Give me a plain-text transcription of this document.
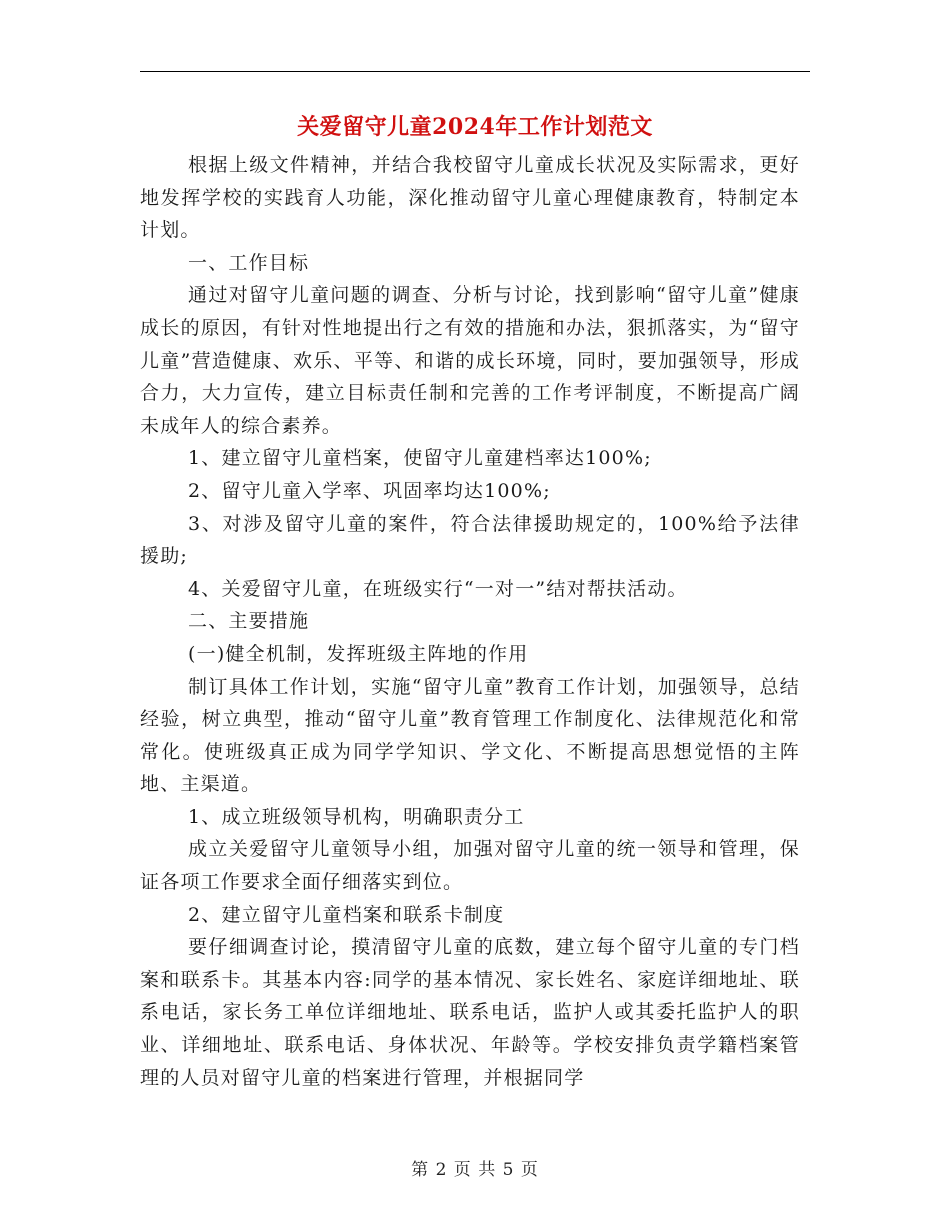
关爱留守儿童2024年工作计划范文

根据上级文件精神，并结合我校留守儿童成长状况及实际需求，更好地发挥学校的实践育人功能，深化推动留守儿童心理健康教育，特制定本计划。

一、工作目标

通过对留守儿童问题的调查、分析与讨论，找到影响“留守儿童”健康成长的原因，有针对性地提出行之有效的措施和办法，狠抓落实，为“留守儿童”营造健康、欢乐、平等、和谐的成长环境，同时，要加强领导，形成合力，大力宣传，建立目标责任制和完善的工作考评制度，不断提高广阔未成年人的综合素养。

1、建立留守儿童档案，使留守儿童建档率达100%;

2、留守儿童入学率、巩固率均达100%;

3、对涉及留守儿童的案件，符合法律援助规定的，100%给予法律援助;

4、关爱留守儿童，在班级实行“一对一”结对帮扶活动。

二、主要措施

(一)健全机制，发挥班级主阵地的作用

制订具体工作计划，实施“留守儿童”教育工作计划，加强领导，总结经验，树立典型，推动“留守儿童”教育管理工作制度化、法律规范化和常常化。使班级真正成为同学学知识、学文化、不断提高思想觉悟的主阵地、主渠道。

1、成立班级领导机构，明确职责分工

成立关爱留守儿童领导小组，加强对留守儿童的统一领导和管理，保证各项工作要求全面仔细落实到位。

2、建立留守儿童档案和联系卡制度

要仔细调查讨论，摸清留守儿童的底数，建立每个留守儿童的专门档案和联系卡。其基本内容:同学的基本情况、家长姓名、家庭详细地址、联系电话，家长务工单位详细地址、联系电话，监护人或其委托监护人的职业、详细地址、联系电话、身体状况、年龄等。学校安排负责学籍档案管理的人员对留守儿童的档案进行管理，并根据同学

第 2 页 共 5 页
